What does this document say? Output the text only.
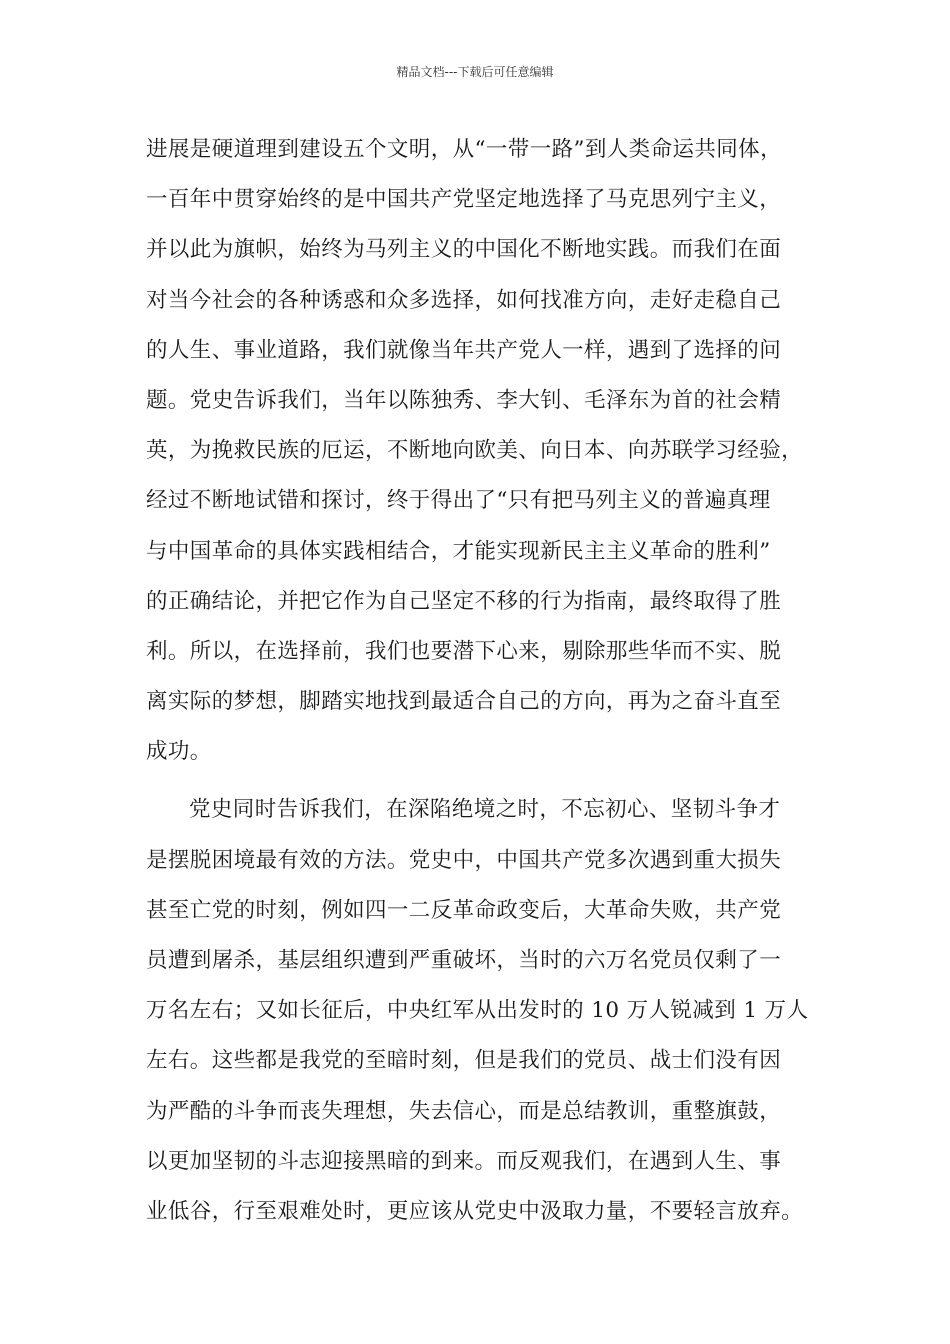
精品文档---下载后可任意编辑
进展是硬道理到建设五个文明，从“一带一路”到人类命运共同体，
一百年中贯穿始终的是中国共产党坚定地选择了马克思列宁主义，
并以此为旗帜，始终为马列主义的中国化不断地实践。而我们在面
对当今社会的各种诱惑和众多选择，如何找准方向，走好走稳自己
的人生、事业道路，我们就像当年共产党人一样，遇到了选择的问
题。党史告诉我们，当年以陈独秀、李大钊、毛泽东为首的社会精
英，为挽救民族的厄运，不断地向欧美、向日本、向苏联学习经验，
经过不断地试错和探讨，终于得出了“只有把马列主义的普遍真理
与中国革命的具体实践相结合，才能实现新民主主义革命的胜利”
的正确结论，并把它作为自己坚定不移的行为指南，最终取得了胜
利。所以，在选择前，我们也要潜下心来，剔除那些华而不实、脱
离实际的梦想，脚踏实地找到最适合自己的方向，再为之奋斗直至
成功。
党史同时告诉我们，在深陷绝境之时，不忘初心、坚韧斗争才
是摆脱困境最有效的方法。党史中，中国共产党多次遇到重大损失
甚至亡党的时刻，例如四一二反革命政变后，大革命失败，共产党
员遭到屠杀，基层组织遭到严重破坏，当时的六万名党员仅剩了一
万名左右；又如长征后，中央红军从出发时的 10 万人锐减到 1 万人
左右。这些都是我党的至暗时刻，但是我们的党员、战士们没有因
为严酷的斗争而丧失理想，失去信心，而是总结教训，重整旗鼓，
以更加坚韧的斗志迎接黑暗的到来。而反观我们，在遇到人生、事
业低谷，行至艰难处时，更应该从党史中汲取力量，不要轻言放弃。
